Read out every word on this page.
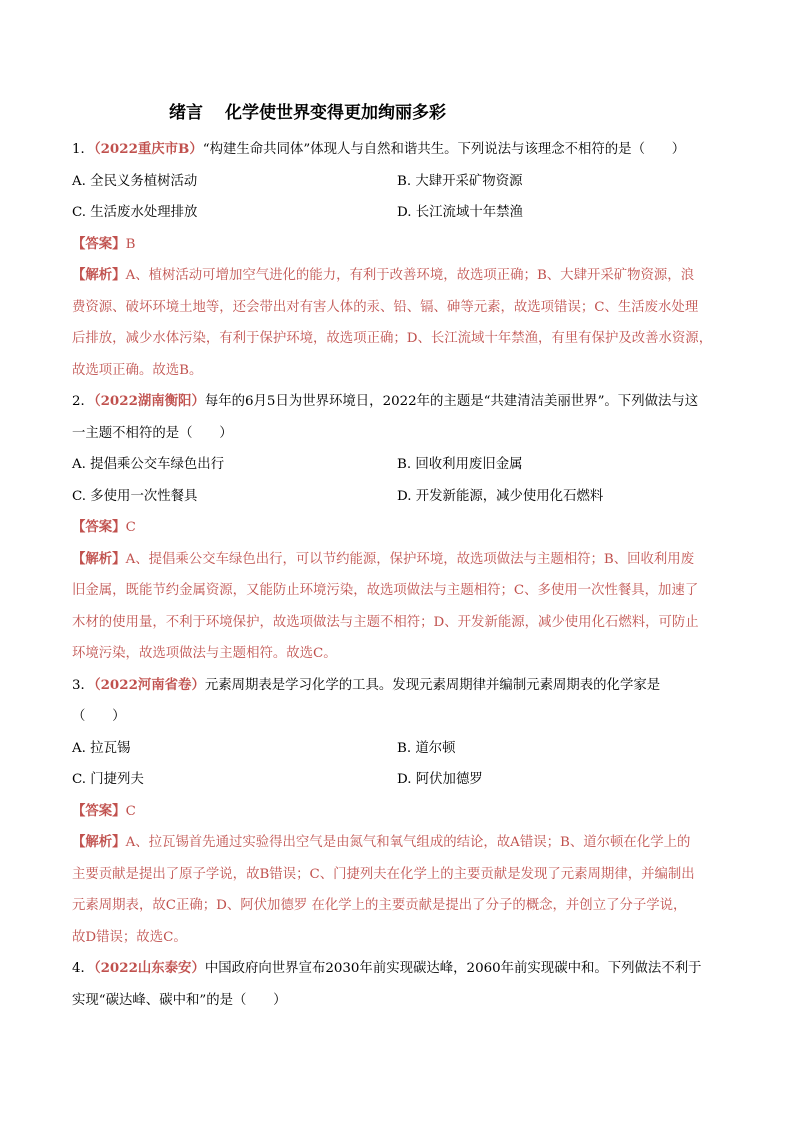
绪言 化学使世界变得更加绚丽多彩
1．（2022重庆市B）“构建生命共同体”体现人与自然和谐共生。下列说法与该理念不相符的是（　　）
A. 全民义务植树活动	B. 大肆开采矿物资源
C. 生活废水处理排放	D. 长江流域十年禁渔
【答案】B
【解析】A、植树活动可增加空气进化的能力，有利于改善环境，故选项正确；B、大肆开采矿物资源，浪
费资源、破坏环境土地等，还会带出对有害人体的汞、铅、镉、砷等元素，故选项错误；C、生活废水处理
后排放，减少水体污染，有利于保护环境，故选项正确；D、长江流域十年禁渔，有里有保护及改善水资源，
故选项正确。故选B。
2．（2022湖南衡阳）每年的6月5日为世界环境日，2022年的主题是“共建清洁美丽世界”。下列做法与这
一主题不相符的是（　　）
A. 提倡乘公交车绿色出行	B. 回收利用废旧金属
C. 多使用一次性餐具	D. 开发新能源，减少使用化石燃料
【答案】C
【解析】A、提倡乘公交车绿色出行，可以节约能源，保护环境，故选项做法与主题相符；B、回收利用废
旧金属，既能节约金属资源，又能防止环境污染，故选项做法与主题相符；C、多使用一次性餐具，加速了
木材的使用量，不利于环境保护，故选项做法与主题不相符；D、开发新能源，减少使用化石燃料，可防止
环境污染，故选项做法与主题相符。故选C。
3．（2022河南省卷）元素周期表是学习化学的工具。发现元素周期律并编制元素周期表的化学家是
（　　）
A. 拉瓦锡	B. 道尔顿
C. 门捷列夫	D. 阿伏加德罗
【答案】C
【解析】A、拉瓦锡首先通过实验得出空气是由氮气和氧气组成的结论，故A错误；B、道尔顿在化学上的
主要贡献是提出了原子学说，故B错误；C、门捷列夫在化学上的主要贡献是发现了元素周期律，并编制出
元素周期表，故C正确；D、阿伏加德罗 在化学上的主要贡献是提出了分子的概念，并创立了分子学说，
故D错误；故选C。
4．（2022山东泰安）中国政府向世界宣布2030年前实现碳达峰，2060年前实现碳中和。下列做法不利于
实现“碳达峰、碳中和”的是（　　）
